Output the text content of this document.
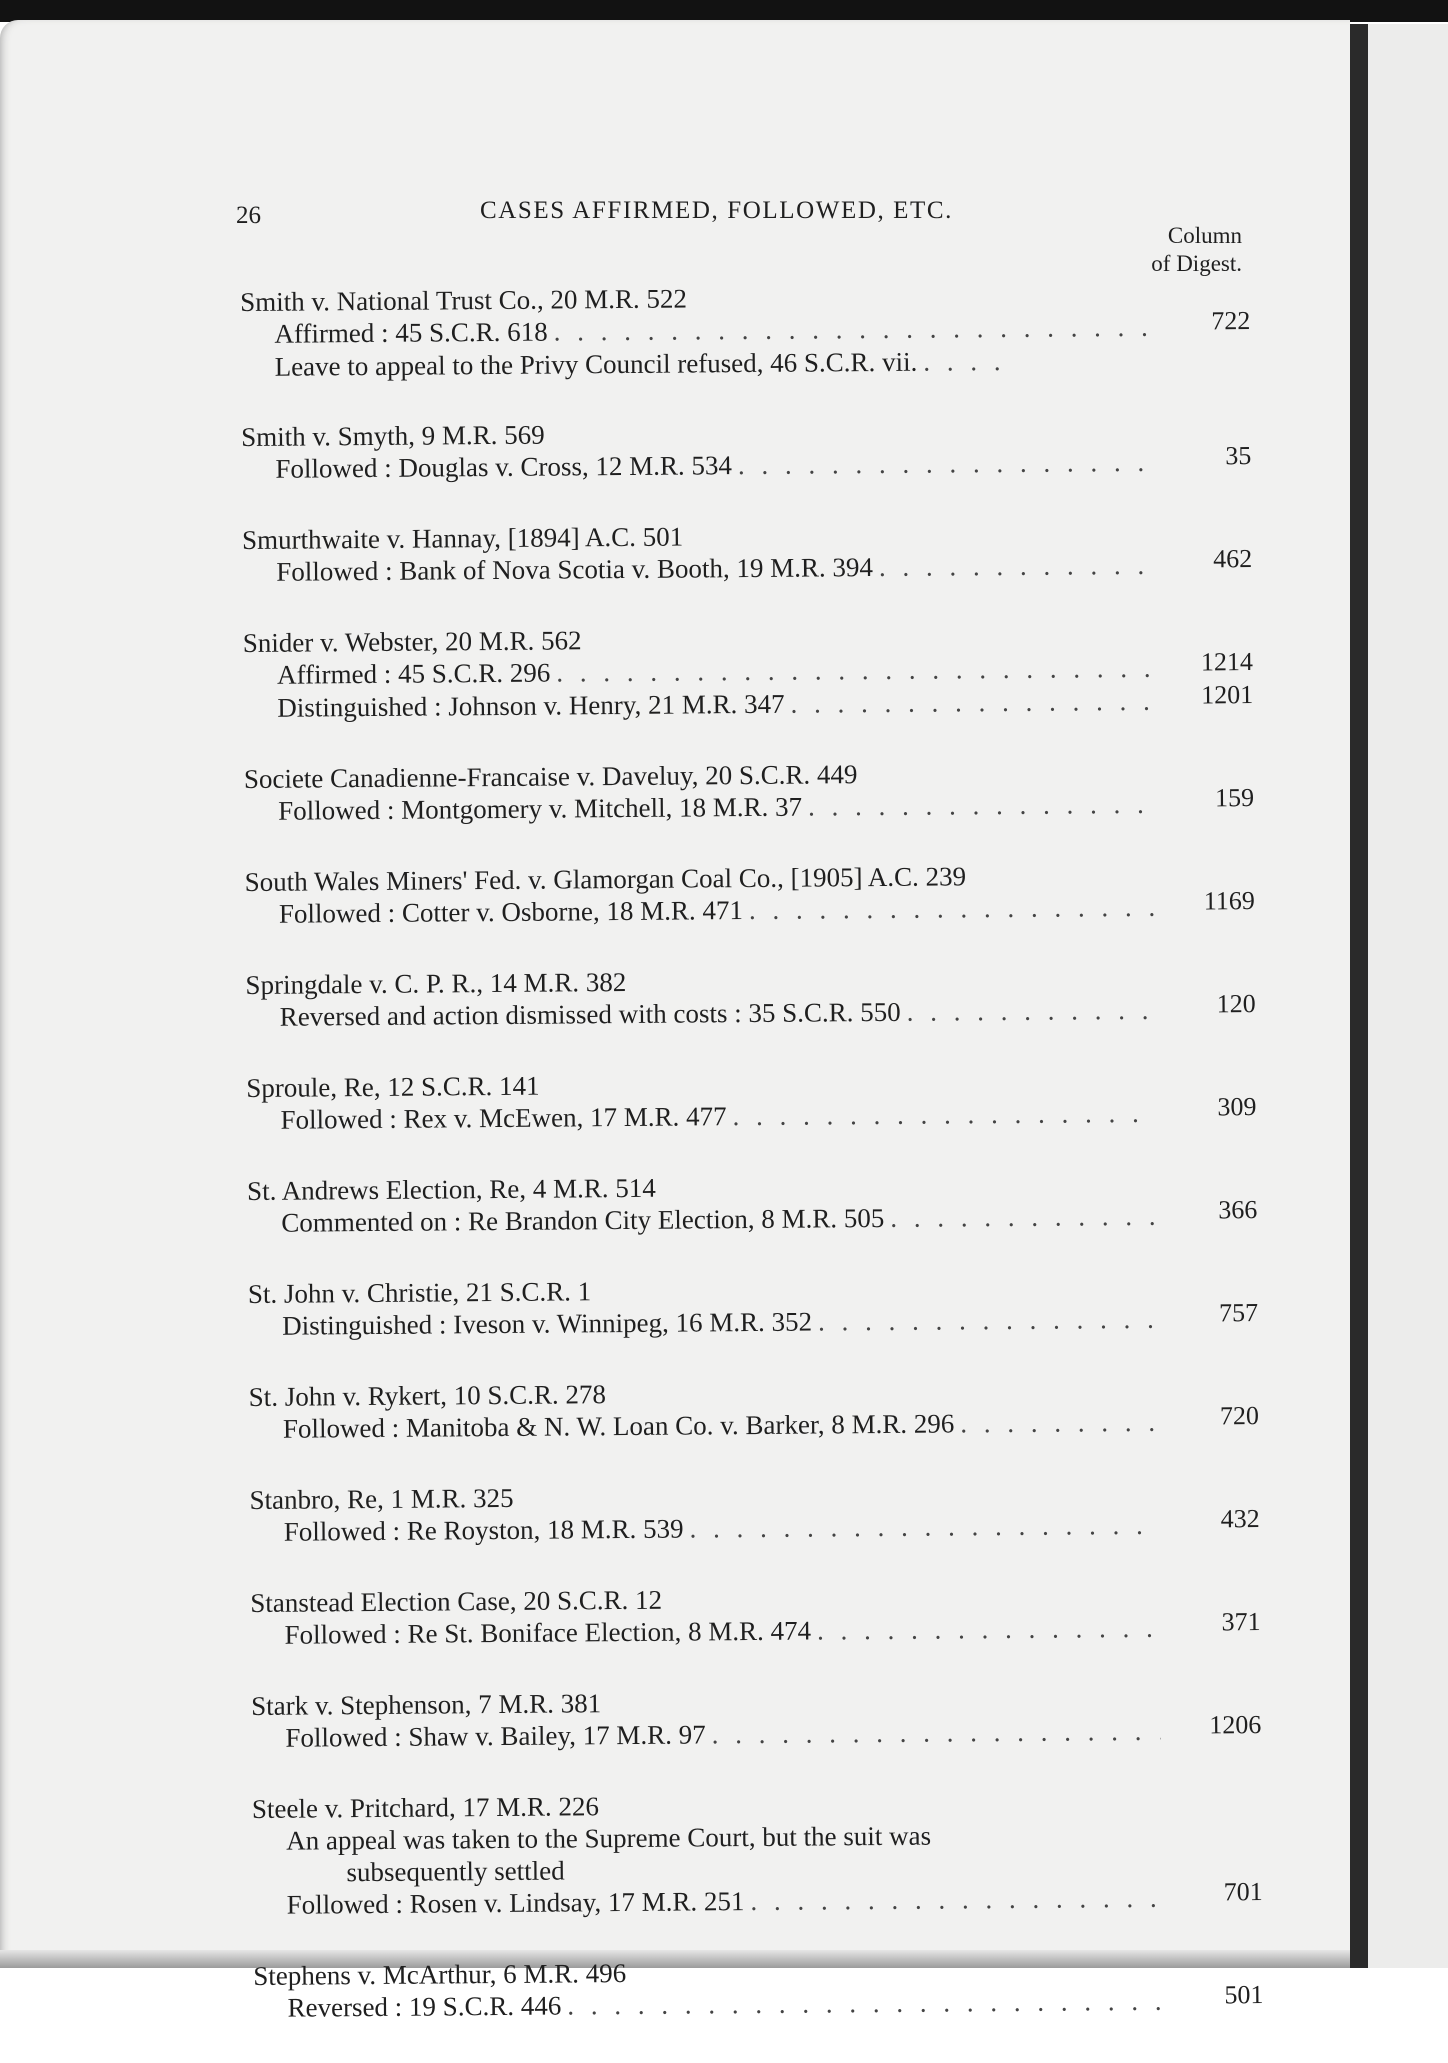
26	CASES AFFIRMED, FOLLOWED, ETC.
Column
of Digest.
Smith v. National Trust Co., 20 M.R. 522
Affirmed : 45 S.C.R. 618 . . .	722
Leave to appeal to the Privy Council refused, 46 S.C.R. vii.
. . .
Smith v. Smyth, 9 M.R. 569
Followed : Douglas v. Cross, 12 M.R. 534 . . .	35
Smurthwaite v. Hannay, [1894] A.C. 501
Followed : Bank of Nova Scotia v. Booth, 19 M.R. 394 . . .	462
Snider v. Webster, 20 M.R. 562
Affirmed : 45 S.C.R. 296 . . .	1214
Distinguished : Johnson v. Henry, 21 M.R. 347 . . .	1201
Societe Canadienne-Francaise v. Daveluy, 20 S.C.R. 449
Followed : Montgomery v. Mitchell, 18 M.R. 37 . . .	159
South Wales Miners' Fed. v. Glamorgan Coal Co., [1905] A.C. 239
Followed : Cotter v. Osborne, 18 M.R. 471 . . .	1169
Springdale v. C. P. R., 14 M.R. 382
Reversed and action dismissed with costs : 35 S.C.R. 550 . . .	120
Sproule, Re, 12 S.C.R. 141
Followed : Rex v. McEwen, 17 M.R. 477 . . .	309
St. Andrews Election, Re, 4 M.R. 514
Commented on : Re Brandon City Election, 8 M.R. 505 . . .	366
St. John v. Christie, 21 S.C.R. 1
Distinguished : Iveson v. Winnipeg, 16 M.R. 352 . . .	757
St. John v. Rykert, 10 S.C.R. 278
Followed : Manitoba & N. W. Loan Co. v. Barker, 8 M.R. 296 . . .	720
Stanbro, Re, 1 M.R. 325
Followed : Re Royston, 18 M.R. 539 . . .	432
Stanstead Election Case, 20 S.C.R. 12
Followed : Re St. Boniface Election, 8 M.R. 474 . . .	371
Stark v. Stephenson, 7 M.R. 381
Followed : Shaw v. Bailey, 17 M.R. 97 . . .	1206
Steele v. Pritchard, 17 M.R. 226
An appeal was taken to the Supreme Court, but the suit was
subsequently settled
Followed : Rosen v. Lindsay, 17 M.R. 251 . . .	701
Stephens v. McArthur, 6 M.R. 496
Reversed : 19 S.C.R. 446 . . .	501
